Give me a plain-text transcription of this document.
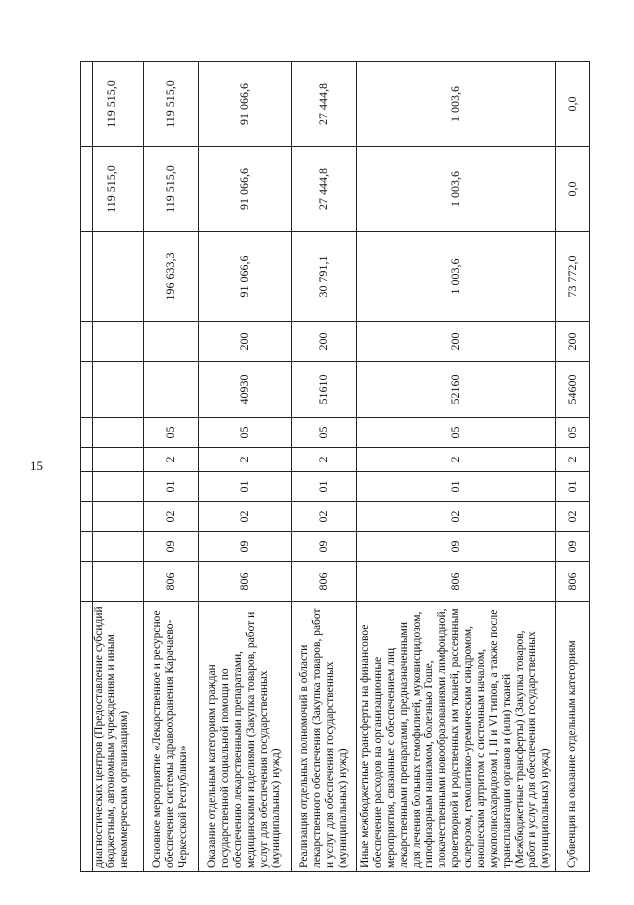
15
диагностических центров (Предоставление субсидий бюджетным, автономным учреждениям и иным некоммерческим организациям)										119 515,0	119 515,0
Основное мероприятие «Лекарственное и ресурсное обеспечение системы здравоохранения Карачаево-Черкесской Республики»	806	09	02	01	2	05			196 633,3	119 515,0	119 515,0
Оказание отдельным категориям граждан государственной социальной помощи по обеспечению лекарственными препаратами, медицинскими изделиями (Закупка товаров, работ и услуг для обеспечения государственных (муниципальных) нужд)	806	09	02	01	2	05	40930	200	91 066,6	91 066,6	91 066,6
Реализация отдельных полномочий в области лекарственного обеспечения (Закупка товаров, работ и услуг для обеспечения государственных (муниципальных) нужд)	806	09	02	01	2	05	51610	200	30 791,1	27 444,8	27 444,8
Иные межбюджетные трансферты на финансовое обеспечение расходов на организационные мероприятия, связанные с обеспечением лиц лекарственными препаратами, предназначенными для лечения больных гемофилией, муковисцидозом, гипофизарным нанизмом, болезнью Гоше, злокачественными новообразованиями лимфоидной, кроветворной и родственных им тканей, рассеянным склерозом, гемолитико-уремическим синдромом, юношеским артритом с системным началом, мукополисахаридозом I, II и VI типов, а также после трансплантации органов и (или) тканей (Межбюджетные трансферты) (Закупка товаров, работ и услуг для обеспечения государственных (муниципальных) нужд)	806	09	02	01	2	05	52160	200	1 003,6	1 003,6	1 003,6
Субвенция на оказание отдельным категориям	806	09	02	01	2	05	54600	200	73 772,0	0,0	0,0
